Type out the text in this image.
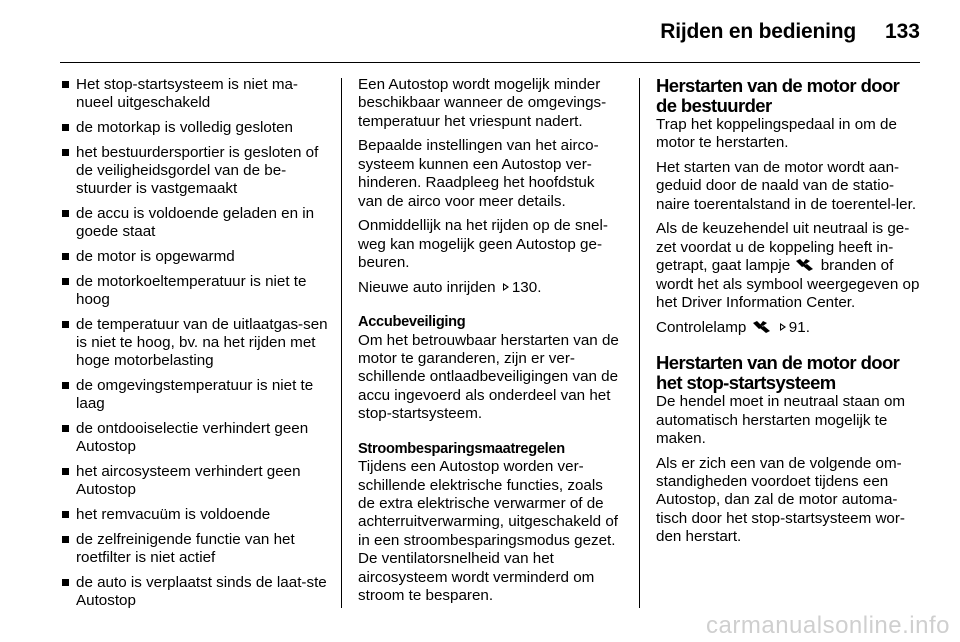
Rijden en bediening 133
Het stop-startsysteem is niet ma-nueel uitgeschakeld
de motorkap is volledig gesloten
het bestuurdersportier is gesloten of de veiligheidsgordel van de be-stuurder is vastgemaakt
de accu is voldoende geladen en in goede staat
de motor is opgewarmd
de motorkoeltemperatuur is niet te hoog
de temperatuur van de uitlaatgas-sen is niet te hoog, bv. na het rijden met hoge motorbelasting
de omgevingstemperatuur is niet te laag
de ontdooiselectie verhindert geen Autostop
het aircosysteem verhindert geen Autostop
het remvacuüm is voldoende
de zelfreinigende functie van het roetfilter is niet actief
de auto is verplaatst sinds de laat-ste Autostop

Een Autostop wordt mogelijk minder beschikbaar wanneer de omgevings-temperatuur het vriespunt nadert.

Bepaalde instellingen van het airco-systeem kunnen een Autostop ver-hinderen. Raadpleeg het hoofdstuk van de airco voor meer details.

Onmiddellijk na het rijden op de snel-weg kan mogelijk geen Autostop ge-beuren.

Nieuwe auto inrijden 130.

Accubeveiliging

Om het betrouwbaar herstarten van de motor te garanderen, zijn er ver-schillende ontlaadbeveiligingen van de accu ingevoerd als onderdeel van het stop-startsysteem.

Stroombesparingsmaatregelen

Tijdens een Autostop worden ver-schillende elektrische functies, zoals de extra elektrische verwarmer of de achterruitverwarming, uitgeschakeld of in een stroombesparingsmodus gezet. De ventilatorsnelheid van het aircosysteem wordt verminderd om stroom te besparen.

Herstarten van de motor door de bestuurder

Trap het koppelingspedaal in om de motor te herstarten.

Het starten van de motor wordt aan-geduid door de naald van de statio-naire toerentalstand in de toerentel-ler.

Als de keuzehendel uit neutraal is ge-zet voordat u de koppeling heeft in-getrapt, gaat lampje branden of wordt het als symbool weergegeven op het Driver Information Center.

Controlelamp	91.

Herstarten van de motor door het stop-startsysteem

De hendel moet in neutraal staan om automatisch herstarten mogelijk te maken.

Als er zich een van de volgende om-standigheden voordoet tijdens een Autostop, dan zal de motor automa-tisch door het stop-startsysteem wor-den herstart.

carmanualsonline.info
